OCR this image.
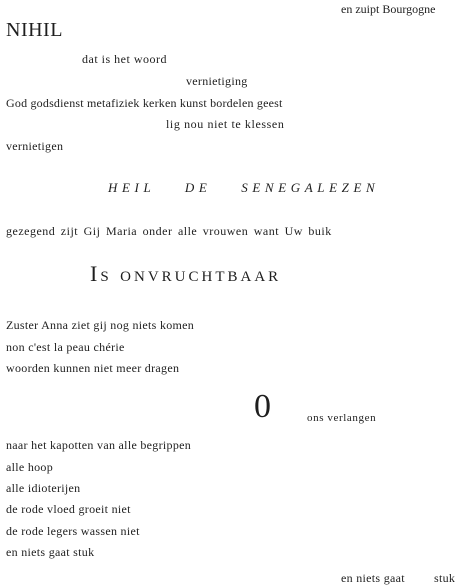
en zuipt Bourgogne

NIHIL

dat is het woord

vernietiging

God godsdienst metafiziek kerken kunst bordelen geest

lig nou niet te klessen

vernietigen

HEIL DE SENEGALEZEN

gezegend zijt Gij Maria onder alle vrouwen want Uw buik

Is onvruchtbaar

Zuster Anna ziet gij nog niets komen

non c'est la peau chérie

woorden kunnen niet meer dragen

0	ons verlangen

naar het kapotten van alle begrippen

alle hoop

alle idioterijen

de rode vloed groeit niet

de rode legers wassen niet

en niets gaat stuk

en niets gaat stuk
